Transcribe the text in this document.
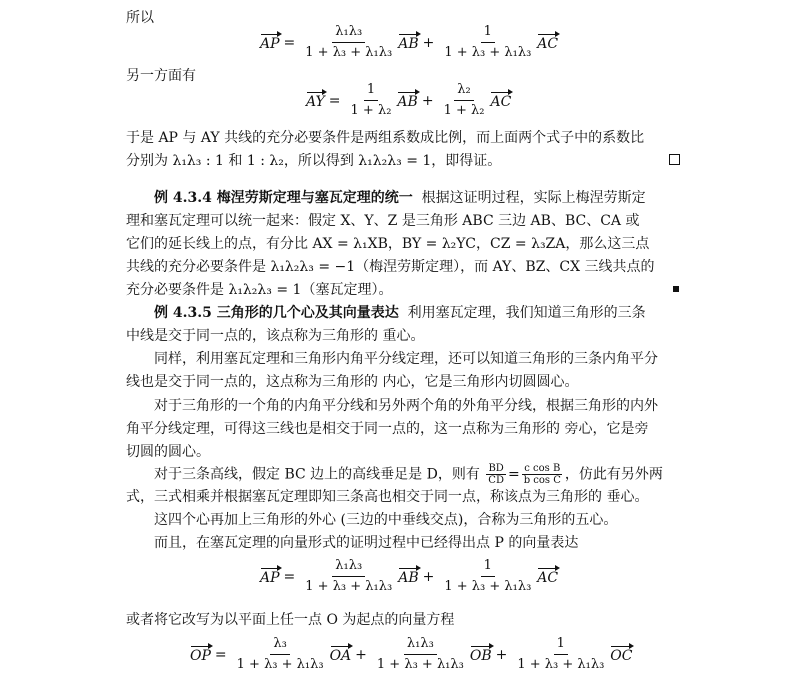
所以
AP = $\frac{\text{λ₁λ₃}}{\text{1 + λ₃ + λ₁λ₃}}$ AB + $\frac{1}{\text{1 + λ₃ + λ₁λ₃}}$ AC
另一方面有
AY = $\frac{1}{\text{1 + λ₂}}$ AB + $\frac{\text{λ₂}}{\text{1 + λ₂}}$ AC
于是 AP 与 AY 共线的充分必要条件是两组系数成比例，而上面两个式子中的系数比
分别为 λ₁λ₃ : 1 和 1 : λ₂，所以得到 λ₁λ₂λ₃ = 1，即得证。
例 4.3.4 梅涅劳斯定理与塞瓦定理的统一 根据这证明过程，实际上梅涅劳斯定
理和塞瓦定理可以统一起来：假定 X、Y、Z 是三角形 ABC 三边 AB、BC、CA 或
它们的延长线上的点，有分比 AX = λ₁XB，BY = λ₂YC，CZ = λ₃ZA，那么这三点
共线的充分必要条件是 λ₁λ₂λ₃ = −1（梅涅劳斯定理），而 AY、BZ、CX 三线共点的
充分必要条件是 λ₁λ₂λ₃ = 1（塞瓦定理）。
例 4.3.5 三角形的几个心及其向量表达 利用塞瓦定理，我们知道三角形的三条
中线是交于同一点的，该点称为三角形的 重心。
同样，利用塞瓦定理和三角形内角平分线定理，还可以知道三角形的三条内角平分
线也是交于同一点的，这点称为三角形的 内心，它是三角形内切圆圆心。
对于三角形的一个角的内角平分线和另外两个角的外角平分线，根据三角形的内外
角平分线定理，可得这三线也是相交于同一点的，这一点称为三角形的 旁心，它是旁
切圆的圆心。
对于三条高线，假定 BC 边上的高线垂足是 D，则有 $\frac{BD}{CD} = \frac{\text{c cos B}}{\text{b cos C}}$ ，仿此有另外两
式，三式相乘并根据塞瓦定理即知三条高也相交于同一点，称该点为三角形的 垂心。
这四个心再加上三角形的外心 (三边的中垂线交点)，合称为三角形的五心。
而且，在塞瓦定理的向量形式的证明过程中已经得出点 P 的向量表达
AP = $\frac{\text{λ₁λ₃}}{\text{1 + λ₃ + λ₁λ₃}}$ AB + $\frac{1}{\text{1 + λ₃ + λ₁λ₃}}$ AC
或者将它改写为以平面上任一点 O 为起点的向量方程
OP = $\frac{\text{λ₃}}{\text{1 + λ₃ + λ₁λ₃}}$ OA + $\frac{\text{λ₁λ₃}}{\text{1 + λ₃ + λ₁λ₃}}$ OB + $\frac{1}{\text{1 + λ₃ + λ₁λ₃}}$ OC
